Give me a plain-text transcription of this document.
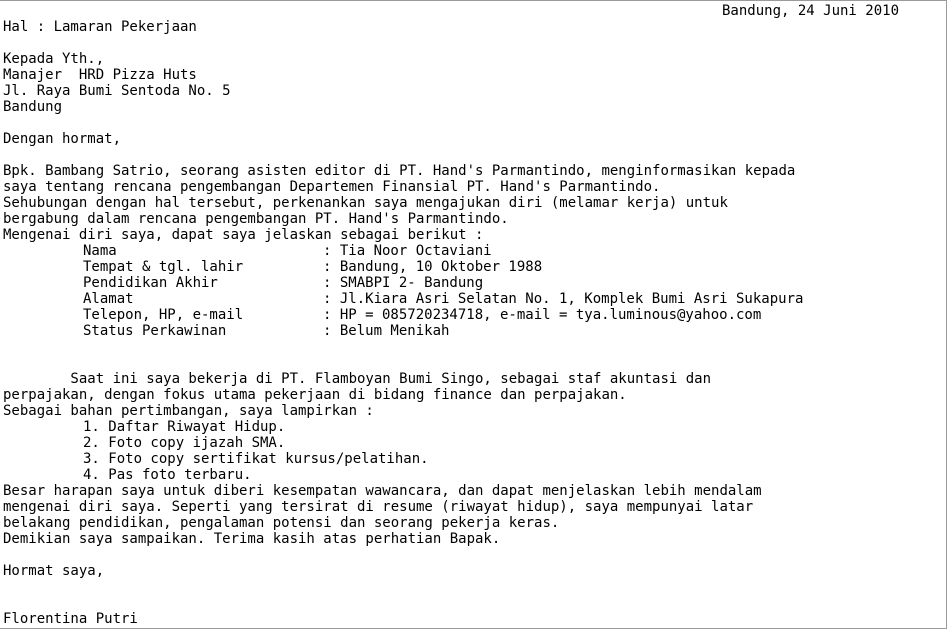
Bandung, 24 Juni 2010
Hal : Lamaran Pekerjaan
Kepada Yth.,
Manajer  HRD Pizza Huts
Jl. Raya Bumi Sentoda No. 5
Bandung
Dengan hormat,
Bpk. Bambang Satrio, seorang asisten editor di PT. Hand's Parmantindo, menginformasikan kepada
saya tentang rencana pengembangan Departemen Finansial PT. Hand's Parmantindo.
Sehubungan dengan hal tersebut, perkenankan saya mengajukan diri (melamar kerja) untuk
bergabung dalam rencana pengembangan PT. Hand's Parmantindo.
Mengenai diri saya, dapat saya jelaskan sebagai berikut :
Nama	: Tia Noor Octaviani
Tempat & tgl. lahir	: Bandung, 10 Oktober 1988
Pendidikan Akhir	: SMABPI 2- Bandung
Alamat	: Jl.Kiara Asri Selatan No. 1, Komplek Bumi Asri Sukapura
Telepon, HP, e-mail	: HP = 085720234718, e-mail = tya.luminous@yahoo.com
Status Perkawinan	: Belum Menikah
Saat ini saya bekerja di PT. Flamboyan Bumi Singo, sebagai staf akuntasi dan
perpajakan, dengan fokus utama pekerjaan di bidang finance dan perpajakan.
Sebagai bahan pertimbangan, saya lampirkan :
1. Daftar Riwayat Hidup.
2. Foto copy ijazah SMA.
3. Foto copy sertifikat kursus/pelatihan.
4. Pas foto terbaru.
Besar harapan saya untuk diberi kesempatan wawancara, dan dapat menjelaskan lebih mendalam
mengenai diri saya. Seperti yang tersirat di resume (riwayat hidup), saya mempunyai latar
belakang pendidikan, pengalaman potensi dan seorang pekerja keras.
Demikian saya sampaikan. Terima kasih atas perhatian Bapak.
Hormat saya,
Florentina Putri
